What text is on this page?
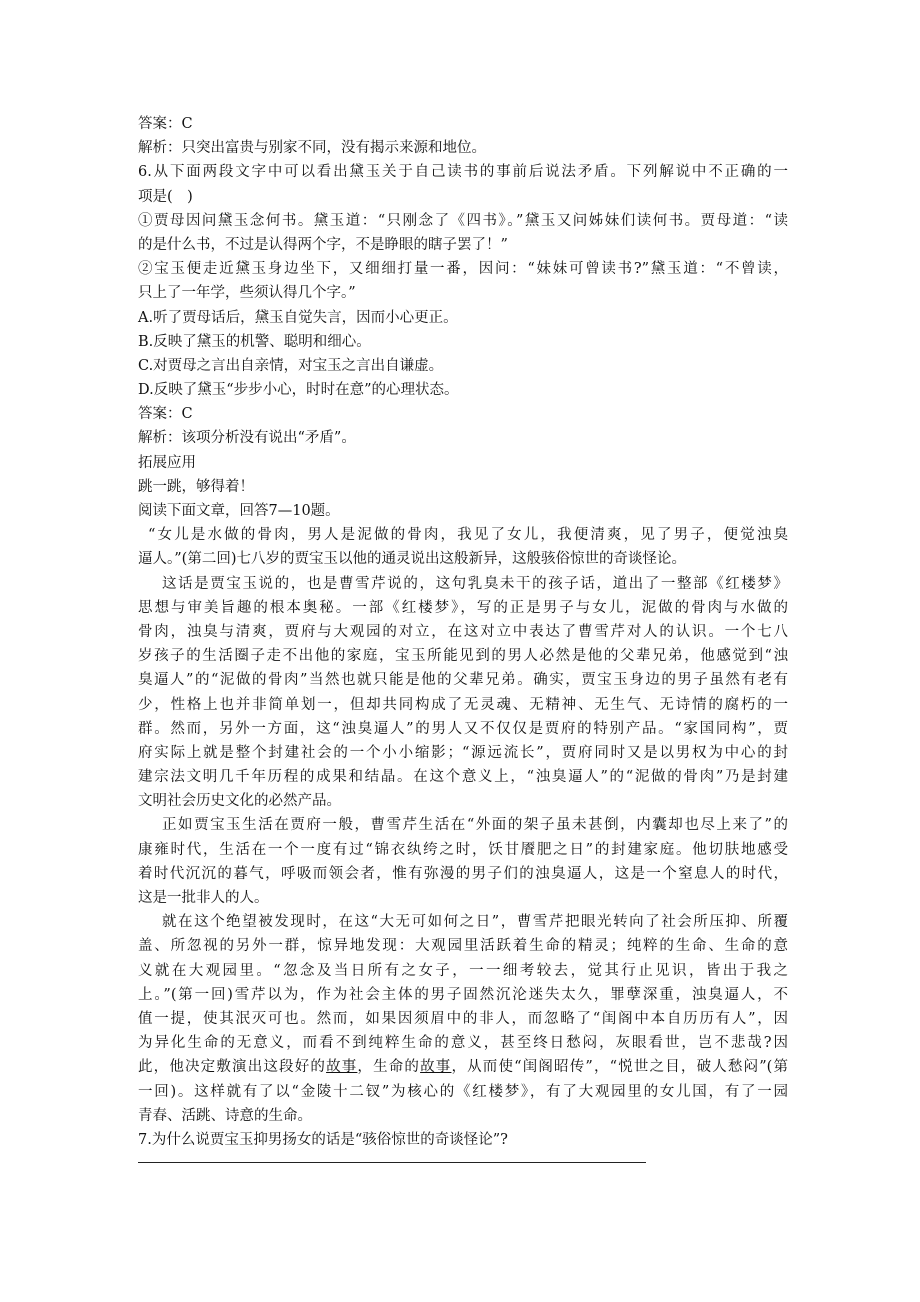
答案：C
解析：只突出富贵与别家不同，没有揭示来源和地位。
6.从下面两段文字中可以看出黛玉关于自己读书的事前后说法矛盾。下列解说中不正确的一
项是(　)
①贾母因问黛玉念何书。黛玉道：“只刚念了《四书》。”黛玉又问姊妹们读何书。贾母道：“读
的是什么书，不过是认得两个字，不是睁眼的瞎子罢了！”
②宝玉便走近黛玉身边坐下，又细细打量一番，因问：“妹妹可曾读书?”黛玉道：“不曾读，
只上了一年学，些须认得几个字。”
A.听了贾母话后，黛玉自觉失言，因而小心更正。
B.反映了黛玉的机警、聪明和细心。
C.对贾母之言出自亲情，对宝玉之言出自谦虚。
D.反映了黛玉“步步小心，时时在意”的心理状态。
答案：C
解析：该项分析没有说出“矛盾”。
拓展应用
跳一跳，够得着！
阅读下面文章，回答7—10题。
“女儿是水做的骨肉，男人是泥做的骨肉，我见了女儿，我便清爽，见了男子，便觉浊臭
逼人。”(第二回)七八岁的贾宝玉以他的通灵说出这般新异，这般骇俗惊世的奇谈怪论。
这话是贾宝玉说的，也是曹雪芹说的，这句乳臭未干的孩子话，道出了一整部《红楼梦》
思想与审美旨趣的根本奥秘。一部《红楼梦》，写的正是男子与女儿，泥做的骨肉与水做的
骨肉，浊臭与清爽，贾府与大观园的对立，在这对立中表达了曹雪芹对人的认识。一个七八
岁孩子的生活圈子走不出他的家庭，宝玉所能见到的男人必然是他的父辈兄弟，他感觉到“浊
臭逼人”的“泥做的骨肉”当然也就只能是他的父辈兄弟。确实，贾宝玉身边的男子虽然有老有
少，性格上也并非简单划一，但却共同构成了无灵魂、无精神、无生气、无诗情的腐朽的一
群。然而，另外一方面，这“浊臭逼人”的男人又不仅仅是贾府的特别产品。“家国同构”，贾
府实际上就是整个封建社会的一个小小缩影；“源远流长”，贾府同时又是以男权为中心的封
建宗法文明几千年历程的成果和结晶。在这个意义上，“浊臭逼人”的“泥做的骨肉”乃是封建
文明社会历史文化的必然产品。
正如贾宝玉生活在贾府一般，曹雪芹生活在“外面的架子虽未甚倒，内囊却也尽上来了”的
康雍时代，生活在一个一度有过“锦衣纨绔之时，饫甘餍肥之日”的封建家庭。他切肤地感受
着时代沉沉的暮气，呼吸而领会者，惟有弥漫的男子们的浊臭逼人，这是一个窒息人的时代，
这是一批非人的人。
就在这个绝望被发现时，在这“大无可如何之日”，曹雪芹把眼光转向了社会所压抑、所覆
盖、所忽视的另外一群，惊异地发现：大观园里活跃着生命的精灵；纯粹的生命、生命的意
义就在大观园里。“忽念及当日所有之女子，一一细考较去，觉其行止见识，皆出于我之
上。”(第一回)雪芹以为，作为社会主体的男子固然沉沦迷失太久，罪孽深重，浊臭逼人，不
值一提，使其泯灭可也。然而，如果因须眉中的非人，而忽略了“闺阁中本自历历有人”，因
为异化生命的无意义，而看不到纯粹生命的意义，甚至终日愁闷，灰眼看世，岂不悲哉?因
此，他决定敷演出这段好的故事，生命的故事，从而使“闺阁昭传”，“悦世之目，破人愁闷”(第
一回)。这样就有了以“金陵十二钗”为核心的《红楼梦》，有了大观园里的女儿国，有了一园
青春、活跳、诗意的生命。
7.为什么说贾宝玉抑男扬女的话是“骇俗惊世的奇谈怪论”?
